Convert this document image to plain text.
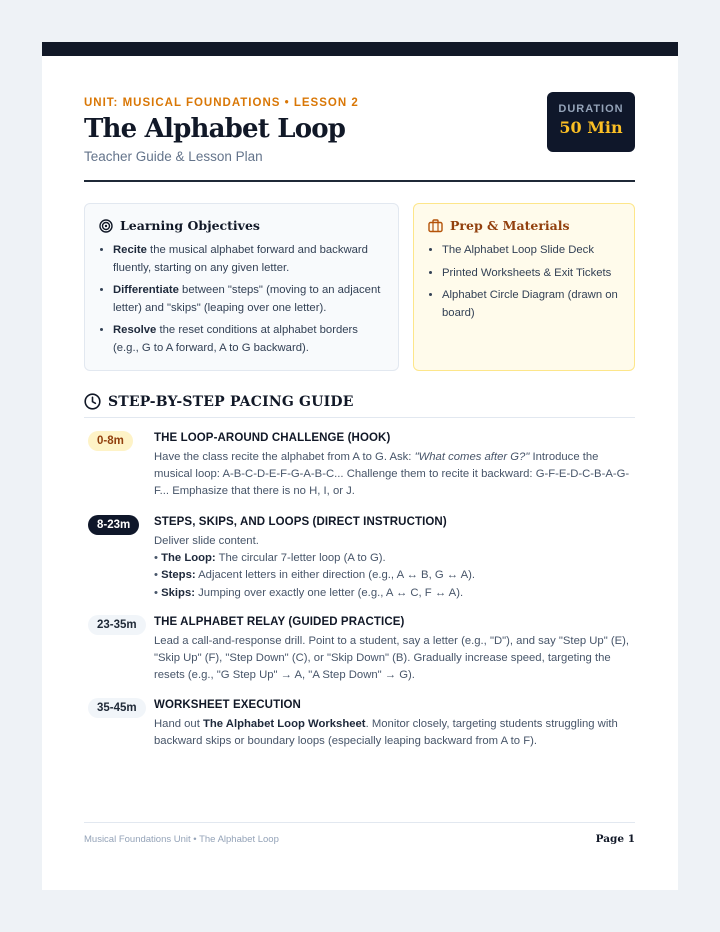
UNIT: MUSICAL FOUNDATIONS • LESSON 2
The Alphabet Loop
Teacher Guide & Lesson Plan
DURATION
50 Min
Learning Objectives
• Recite the musical alphabet forward and backward fluently, starting on any given letter.
• Differentiate between "steps" (moving to an adjacent letter) and "skips" (leaping over one letter).
• Resolve the reset conditions at alphabet borders (e.g., G to A forward, A to G backward).
Prep & Materials
• The Alphabet Loop Slide Deck
• Printed Worksheets & Exit Tickets
• Alphabet Circle Diagram (drawn on board)
STEP-BY-STEP PACING GUIDE
0-8m	THE LOOP-AROUND CHALLENGE (HOOK)
Have the class recite the alphabet from A to G. Ask: "What comes after G?" Introduce the musical loop: A-B-C-D-E-F-G-A-B-C... Challenge them to recite it backward: G-F-E-D-C-B-A-G-F... Emphasize that there is no H, I, or J.
8-23m	STEPS, SKIPS, AND LOOPS (DIRECT INSTRUCTION)
Deliver slide content.
• The Loop: The circular 7-letter loop (A to G).
• Steps: Adjacent letters in either direction (e.g., A ↔ B, G ↔ A).
• Skips: Jumping over exactly one letter (e.g., A ↔ C, F ↔ A).
23-35m	THE ALPHABET RELAY (GUIDED PRACTICE)
Lead a call-and-response drill. Point to a student, say a letter (e.g., "D"), and say "Step Up" (E), "Skip Up" (F), "Step Down" (C), or "Skip Down" (B). Gradually increase speed, targeting the resets (e.g., "G Step Up" → A, "A Step Down" → G).
35-45m	WORKSHEET EXECUTION
Hand out The Alphabet Loop Worksheet. Monitor closely, targeting students struggling with backward skips or boundary loops (especially leaping backward from A to F).
Musical Foundations Unit • The Alphabet Loop	Page 1
